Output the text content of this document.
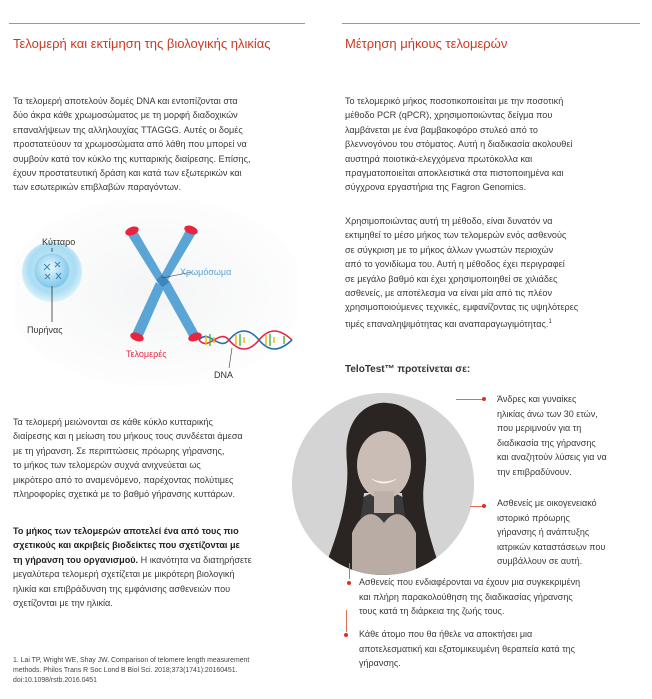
Τελομερή και εκτίμηση της βιολογικής ηλικίας
Τα τελομερή αποτελούν δομές DNA και εντοπίζονται στα
δύο άκρα κάθε χρωμοσώματος με τη μορφή διαδοχικών
επαναλήψεων της αλληλουχίας TTAGGG. Αυτές οι δομές
προστατεύουν τα χρωμοσώματα από λάθη που μπορεί να
συμβούν κατά τον κύκλο της κυτταρικής διαίρεσης. Επίσης,
έχουν προστατευτική δράση και κατά των εξωτερικών και
των εσωτερικών επιβλαβών παραγόντων.
Κύτταρο
Πυρήνας
Χρωμόσωμα
Τελομερές
DNA
Τα τελομερή μειώνονται σε κάθε κύκλο κυτταρικής
διαίρεσης και η μείωση του μήκους τους συνδέεται άμεσα
με τη γήρανση. Σε περιπτώσεις πρόωρης γήρανσης,
το μήκος των τελομερών συχνά ανιχνεύεται ως
μικρότερο από το αναμενόμενο, παρέχοντας πολύτιμες
πληροφορίες σχετικά με το βαθμό γήρανσης κυττάρων.
Το μήκος των τελομερών αποτελεί ένα από τους πιο
σχετικούς και ακριβείς βιοδείκτες που σχετίζονται με
τη γήρανση του οργανισμού. Η ικανότητα να διατηρήσετε
μεγαλύτερα τελομερή σχετίζεται με μικρότερη βιολογική
ηλικία και επιβράδυνση της εμφάνισης ασθενειών που
σχετίζονται με την ηλικία.
1. Lai TP, Wright WE, Shay JW. Comparison of telomere length measurement
methods. Philos Trans R Soc Lond B Biol Sci. 2018;373(1741):20160451.
doi:10.1098/rstb.2016.0451
Μέτρηση μήκους τελομερών
Το τελομερικό μήκος ποσοτικοποιείται με την ποσοτική
μέθοδο PCR (qPCR), χρησιμοποιώντας δείγμα που
λαμβάνεται με ένα βαμβακοφόρο στυλεό από το
βλεννογόνου του στόματος. Αυτή η διαδικασία ακολουθεί
αυστηρά ποιοτικά-ελεγχόμενα πρωτόκολλα και
πραγματοποιείται αποκλειστικά στα πιστοποιημένα και
σύγχρονα εργαστήρια της Fagron Genomics.
Χρησιμοποιώντας αυτή τη μέθοδο, είναι δυνατόν να
εκτιμηθεί το μέσο μήκος των τελομερών ενός ασθενούς
σε σύγκριση με το μήκος άλλων γνωστών περιοχών
από το γονιδίωμα του. Αυτή η μέθοδος έχει περιγραφεί
σε μεγάλο βαθμό και έχει χρησιμοποιηθεί σε χιλιάδες
ασθενείς, με αποτέλεσμα να είναι μία από τις πλέον
χρησιμοποιούμενες τεχνικές, εμφανίζοντας τις υψηλότερες
τιμές επαναληψιμότητας και αναπαραγωγιμότητας.$^1$
TeloTest™ προτείνεται σε:
Άνδρες και γυναίκες
ηλικίας άνω των 30 ετών,
που μεριμνούν για τη
διαδικασία της γήρανσης
και αναζητούν λύσεις για να
την επιβραδύνουν.
Ασθενείς με οικογενειακό
ιστορικό πρόωρης
γήρανσης ή ανάπτυξης
ιατρικών καταστάσεων που
συμβάλλουν σε αυτή.
Ασθενείς που ενδιαφέρονται να έχουν μια συγκεκριμένη
και πλήρη παρακολούθηση της διαδικασίας γήρανσης
τους κατά τη διάρκεια της ζωής τους.
Κάθε άτομο που θα ήθελε να αποκτήσει μια
αποτελεσματική και εξατομικευμένη θεραπεία κατά της
γήρανσης.
